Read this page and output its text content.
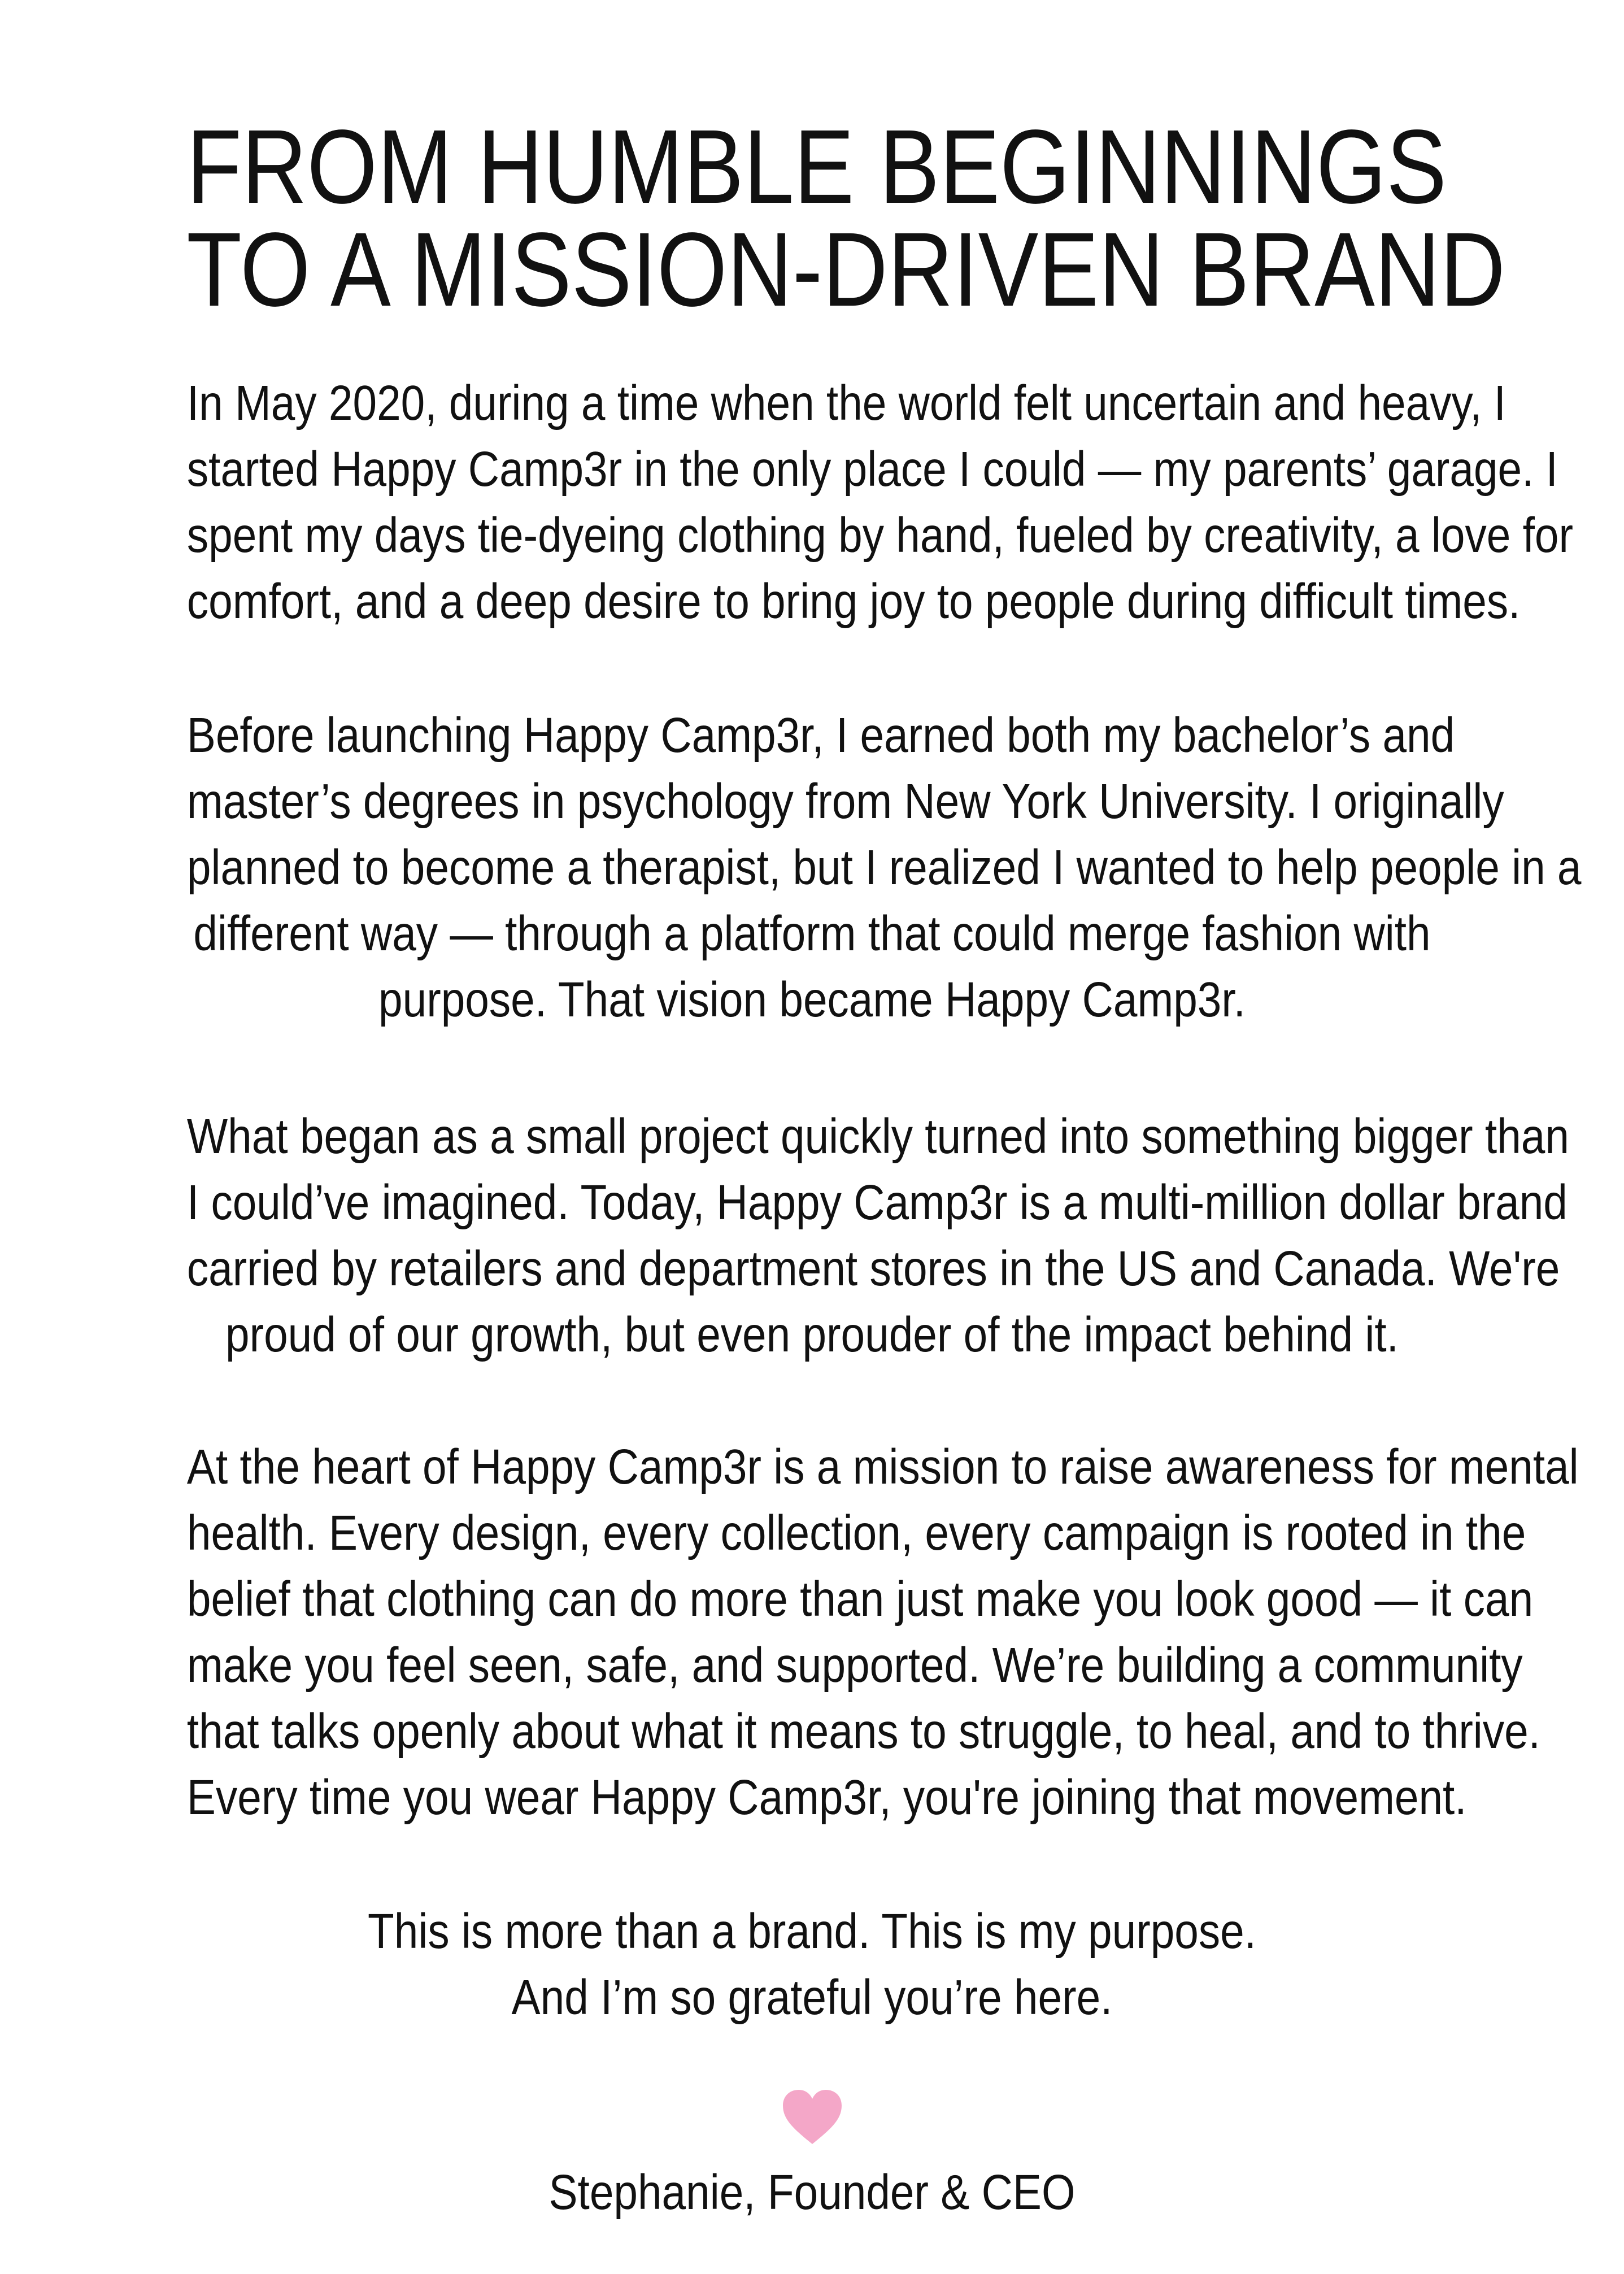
FROM HUMBLE BEGINNINGS
TO A MISSION-DRIVEN BRAND

In May 2020, during a time when the world felt uncertain and heavy, I
started Happy Camp3r in the only place I could — my parents’ garage. I
spent my days tie-dyeing clothing by hand, fueled by creativity, a love for
comfort, and a deep desire to bring joy to people during difficult times.

Before launching Happy Camp3r, I earned both my bachelor’s and
master’s degrees in psychology from New York University. I originally
planned to become a therapist, but I realized I wanted to help people in a
different way — through a platform that could merge fashion with
purpose. That vision became Happy Camp3r.

What began as a small project quickly turned into something bigger than
I could’ve imagined. Today, Happy Camp3r is a multi-million dollar brand
carried by retailers and department stores in the US and Canada. We're
proud of our growth, but even prouder of the impact behind it.

At the heart of Happy Camp3r is a mission to raise awareness for mental
health. Every design, every collection, every campaign is rooted in the
belief that clothing can do more than just make you look good — it can
make you feel seen, safe, and supported. We’re building a community
that talks openly about what it means to struggle, to heal, and to thrive.
Every time you wear Happy Camp3r, you're joining that movement.

This is more than a brand. This is my purpose.
And I’m so grateful you’re here.

Stephanie, Founder & CEO
